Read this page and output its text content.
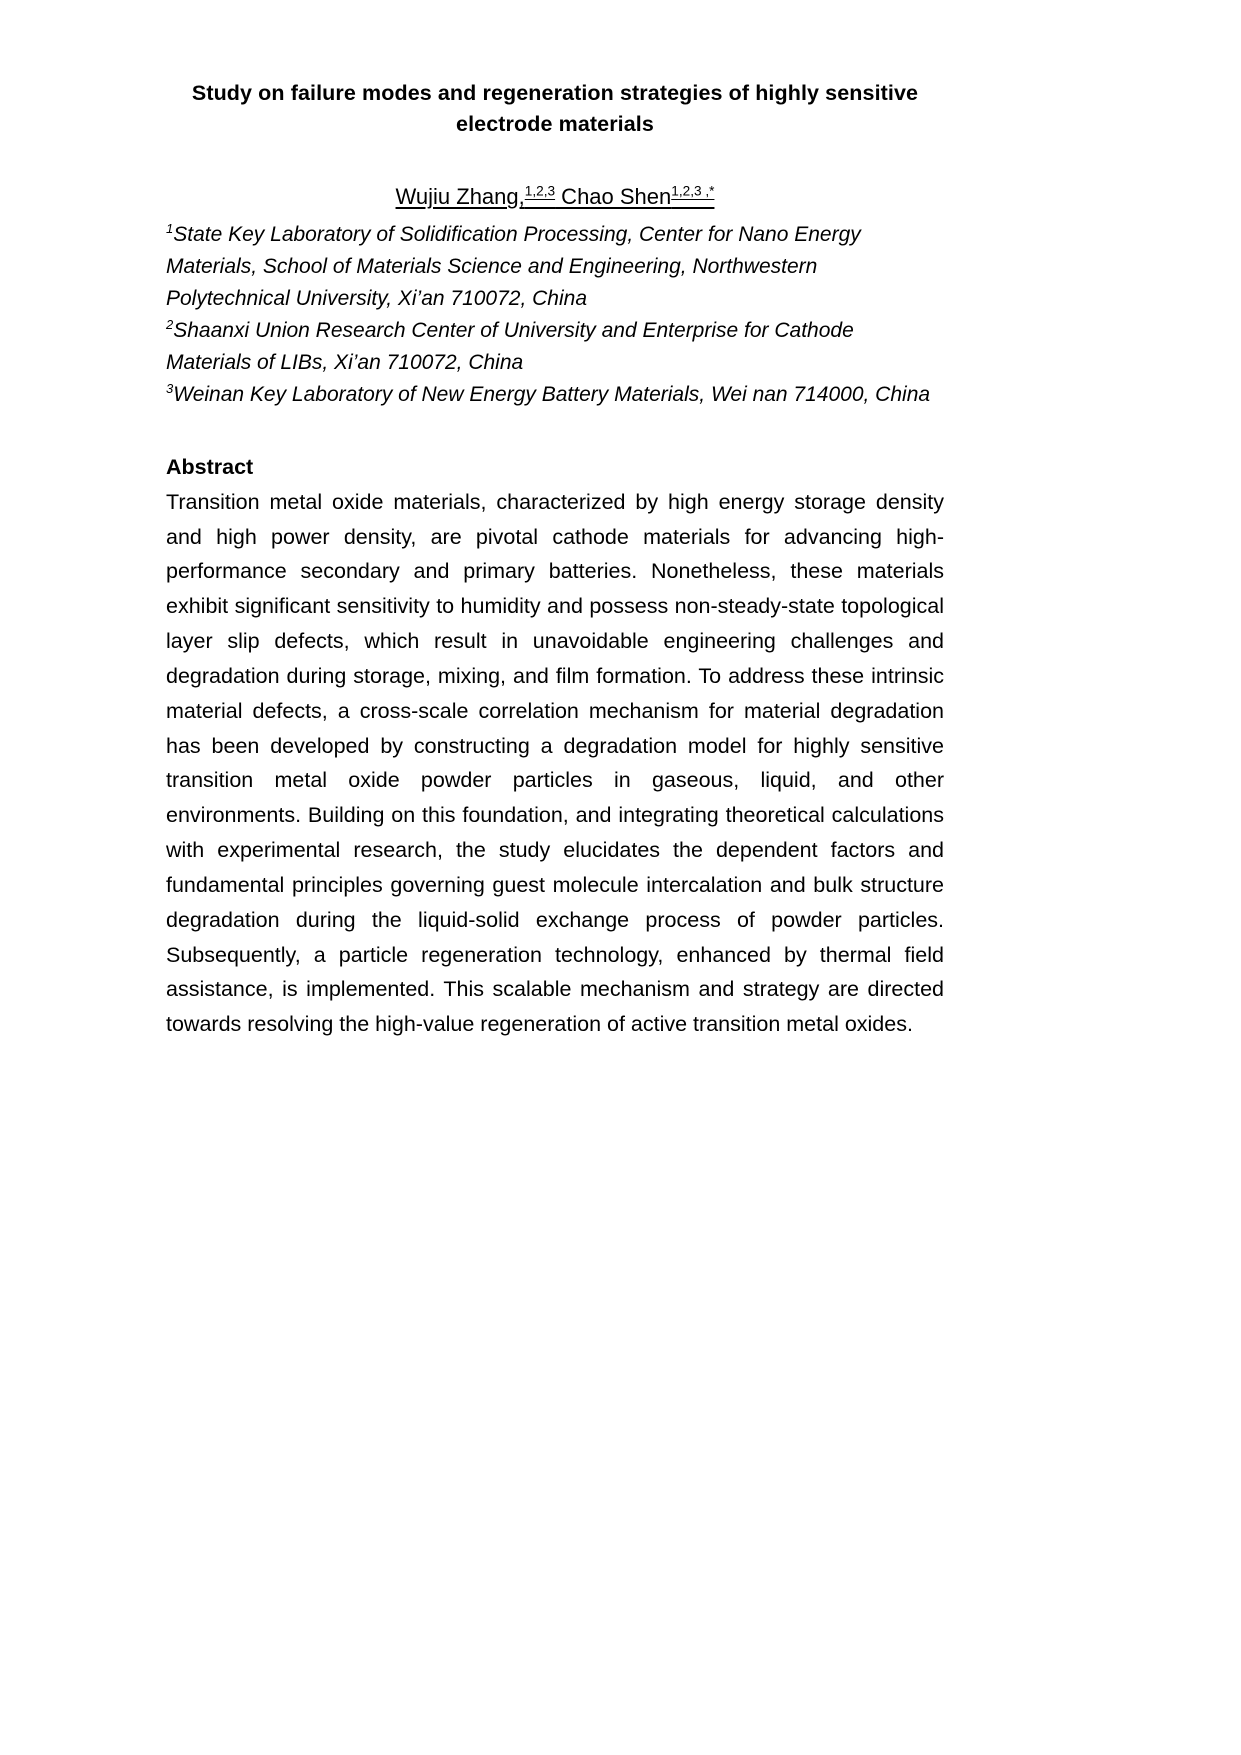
Study on failure modes and regeneration strategies of highly sensitive
electrode materials
Wujiu Zhang,$^{1,2,3}$ Chao Shen$^{1,2,3 ,*}$

$^1$State Key Laboratory of Solidification Processing, Center for Nano Energy Materials, School of Materials Science and Engineering, Northwestern Polytechnical University, Xi’an 710072, China

$^2$Shaanxi Union Research Center of University and Enterprise for Cathode Materials of LIBs, Xi’an 710072, China

$^3$Weinan Key Laboratory of New Energy Battery Materials, Wei nan 714000, China

Abstract

Transition metal oxide materials, characterized by high energy storage density and high power density, are pivotal cathode materials for advancing high-performance secondary and primary batteries. Nonetheless, these materials exhibit significant sensitivity to humidity and possess non-steady-state topological layer slip defects, which result in unavoidable engineering challenges and degradation during storage, mixing, and film formation. To address these intrinsic material defects, a cross-scale correlation mechanism for material degradation has been developed by constructing a degradation model for highly sensitive transition metal oxide powder particles in gaseous, liquid, and other environments. Building on this foundation, and integrating theoretical calculations with experimental research, the study elucidates the dependent factors and fundamental principles governing guest molecule intercalation and bulk structure degradation during the liquid-solid exchange process of powder particles. Subsequently, a particle regeneration technology, enhanced by thermal field assistance, is implemented. This scalable mechanism and strategy are directed towards resolving the high-value regeneration of active transition metal oxides.
